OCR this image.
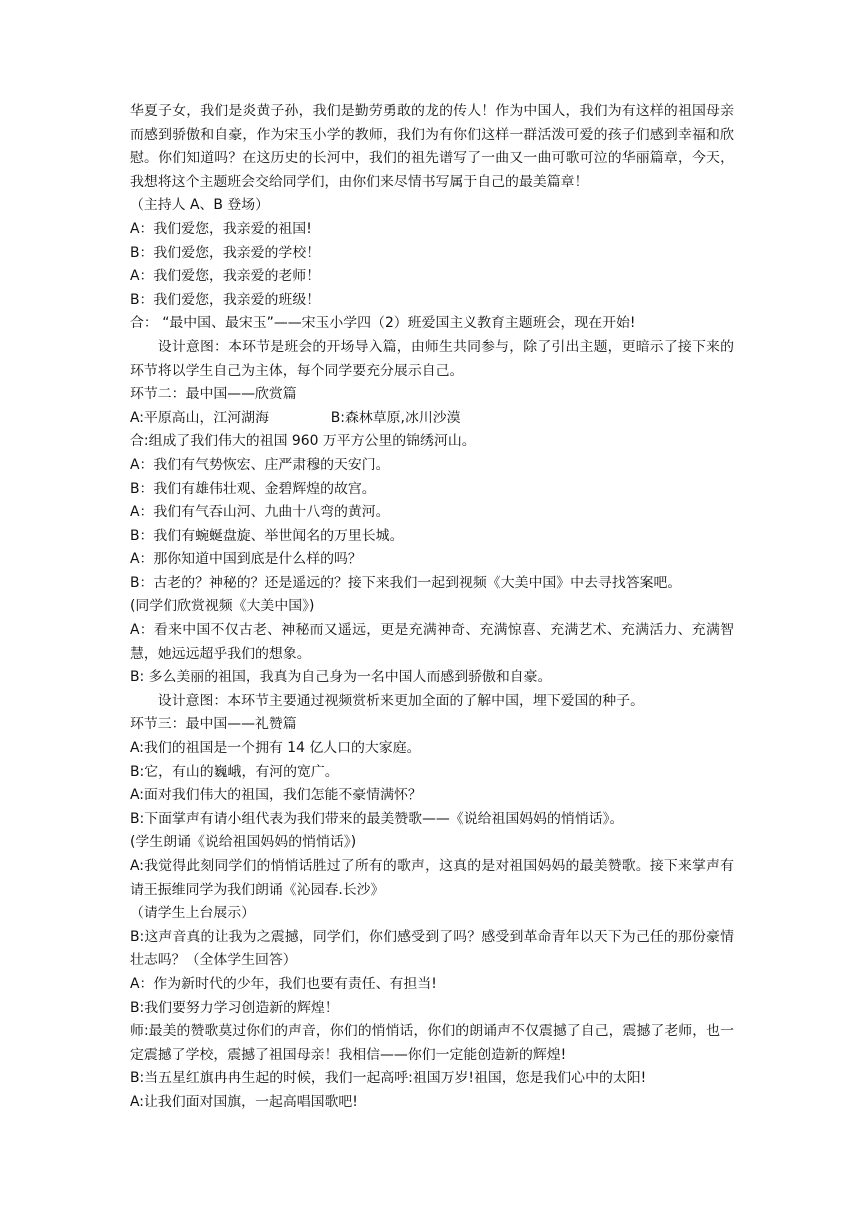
华夏子女，我们是炎黄子孙，我们是勤劳勇敢的龙的传人！作为中国人，我们为有这样的祖国母亲而感到骄傲和自豪，作为宋玉小学的教师，我们为有你们这样一群活泼可爱的孩子们感到幸福和欣慰。你们知道吗？在这历史的长河中，我们的祖先谱写了一曲又一曲可歌可泣的华丽篇章，今天，我想将这个主题班会交给同学们，由你们来尽情书写属于自己的最美篇章！

（主持人 A、B 登场）

A：我们爱您，我亲爱的祖国!

B：我们爱您，我亲爱的学校！

A：我们爱您，我亲爱的老师！

B：我们爱您，我亲爱的班级！

合： “最中国、最宋玉”——宋玉小学四（2）班爱国主义教育主题班会，现在开始!

设计意图：本环节是班会的开场导入篇，由师生共同参与，除了引出主题，更暗示了接下来的环节将以学生自己为主体，每个同学要充分展示自己。

环节二：最中国——欣赏篇

A:平原高山，江河湖海              B:森林草原,冰川沙漠

合:组成了我们伟大的祖国 960 万平方公里的锦绣河山。

A：我们有气势恢宏、庄严肃穆的天安门。

B：我们有雄伟壮观、金碧辉煌的故宫。

A：我们有气吞山河、九曲十八弯的黄河。

B：我们有蜿蜒盘旋、举世闻名的万里长城。

A：那你知道中国到底是什么样的吗？

B：古老的？神秘的？还是遥远的？接下来我们一起到视频《大美中国》中去寻找答案吧。

(同学们欣赏视频《大美中国》)

A：看来中国不仅古老、神秘而又遥远，更是充满神奇、充满惊喜、充满艺术、充满活力、充满智慧，她远远超乎我们的想象。

B: 多么美丽的祖国，我真为自己身为一名中国人而感到骄傲和自豪。

设计意图：本环节主要通过视频赏析来更加全面的了解中国，埋下爱国的种子。

环节三：最中国——礼赞篇

A:我们的祖国是一个拥有 14 亿人口的大家庭。

B:它，有山的巍峨，有河的宽广。

A:面对我们伟大的祖国，我们怎能不豪情满怀？

B:下面掌声有请小组代表为我们带来的最美赞歌——《说给祖国妈妈的悄悄话》。

(学生朗诵《说给祖国妈妈的悄悄话》)

A:我觉得此刻同学们的悄悄话胜过了所有的歌声，这真的是对祖国妈妈的最美赞歌。接下来掌声有请王振维同学为我们朗诵《沁园春.长沙》

（请学生上台展示）

B:这声音真的让我为之震撼，同学们，你们感受到了吗？感受到革命青年以天下为己任的那份豪情壮志吗？（全体学生回答）

A：作为新时代的少年，我们也要有责任、有担当!

B:我们要努力学习创造新的辉煌！

师:最美的赞歌莫过你们的声音，你们的悄悄话，你们的朗诵声不仅震撼了自己，震撼了老师，也一定震撼了学校，震撼了祖国母亲！我相信——你们一定能创造新的辉煌!

B:当五星红旗冉冉生起的时候，我们一起高呼:祖国万岁!祖国，您是我们心中的太阳!

A:让我们面对国旗，一起高唱国歌吧!
